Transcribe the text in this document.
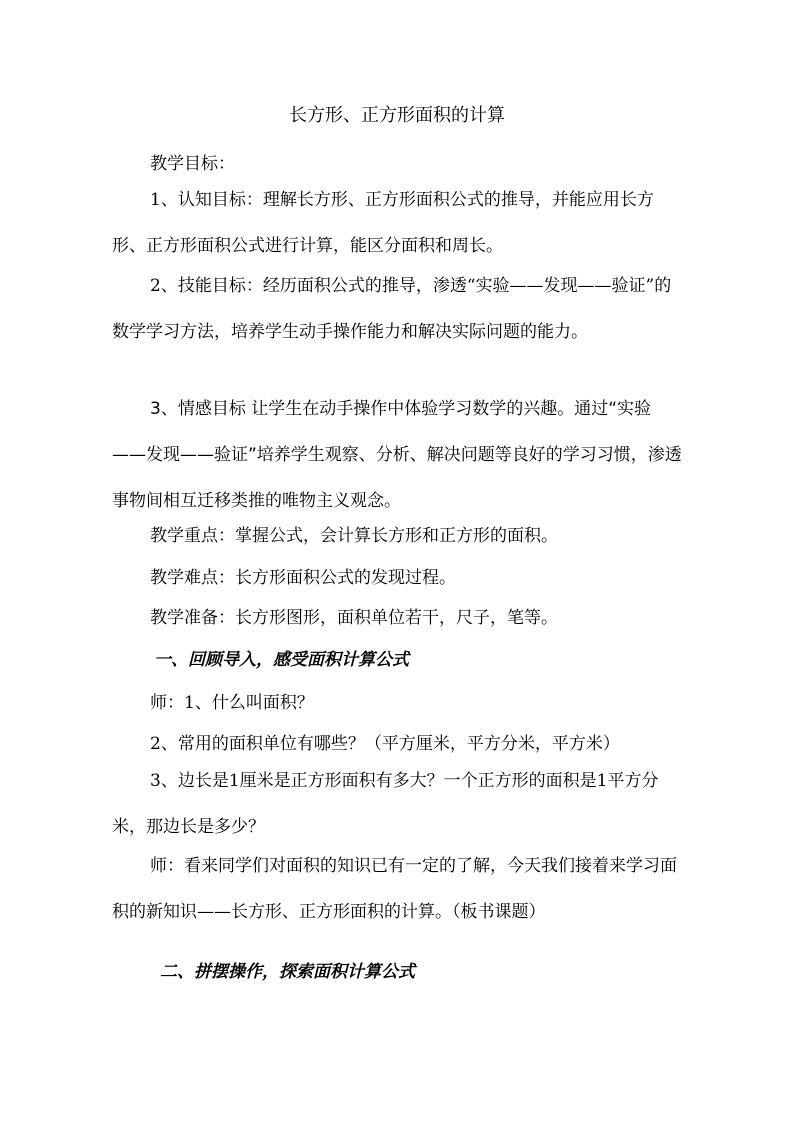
长方形、正方形面积的计算
教学目标：
1、认知目标：理解长方形、正方形面积公式的推导，并能应用长方形、正方形面积公式进行计算，能区分面积和周长。
2、技能目标：经历面积公式的推导，渗透“实验——发现——验证”的数学学习方法，培养学生动手操作能力和解决实际问题的能力。
3、情感目标 让学生在动手操作中体验学习数学的兴趣。通过“实验——发现——验证”培养学生观察、分析、解决问题等良好的学习习惯，渗透事物间相互迁移类推的唯物主义观念。
教学重点：掌握公式，会计算长方形和正方形的面积。
教学难点：长方形面积公式的发现过程。
教学准备：长方形图形，面积单位若干，尺子，笔等。
一、回顾导入，感受面积计算公式
师：1、什么叫面积？
2、常用的面积单位有哪些？（平方厘米，平方分米，平方米）
3、边长是1厘米是正方形面积有多大？一个正方形的面积是1平方分米，那边长是多少？
师：看来同学们对面积的知识已有一定的了解，今天我们接着来学习面积的新知识——长方形、正方形面积的计算。（板书课题）
二、拼摆操作，探索面积计算公式
